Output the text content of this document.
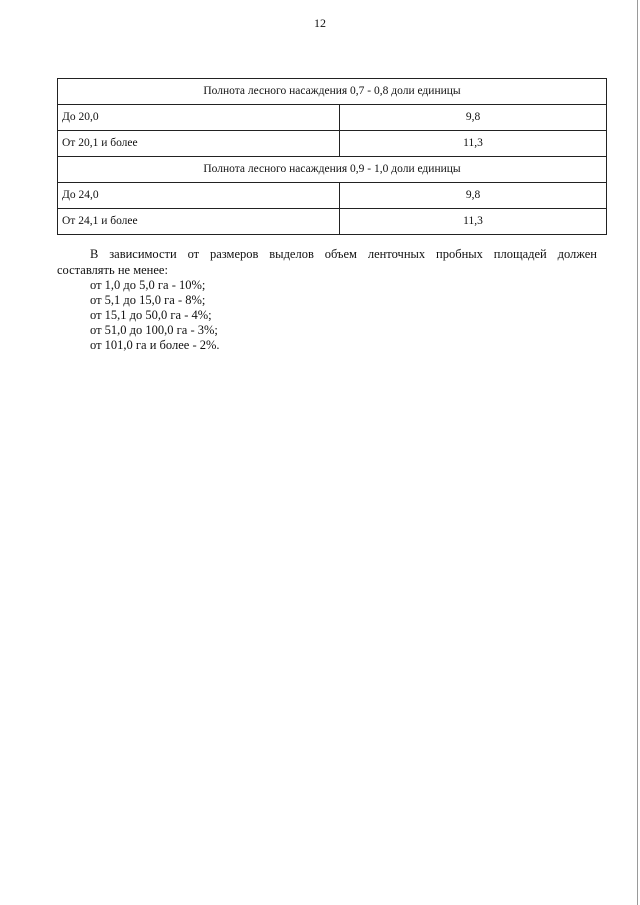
12
Полнота лесного насаждения 0,7 - 0,8 доли единицы	
До 20,0	9,8
От 20,1 и более	11,3
Полнота лесного насаждения 0,9 - 1,0 доли единицы	
До 24,0	9,8
От 24,1 и более	11,3

В зависимости от размеров выделов объем ленточных пробных площадей должен

составлять не менее:

от 1,0 до 5,0 га - 10%;
от 5,1 до 15,0 га - 8%;
от 15,1 до 50,0 га - 4%;
от 51,0 до 100,0 га - 3%;
от 101,0 га и более - 2%.
